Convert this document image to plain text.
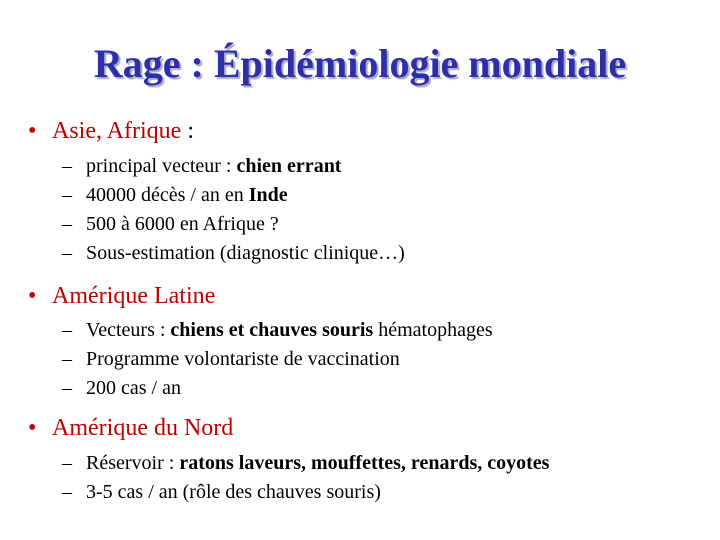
Rage : Épidémiologie mondiale
• Asie, Afrique :
– principal vecteur : chien errant
– 40000 décès / an en Inde
– 500 à 6000 en Afrique ?
– Sous-estimation (diagnostic clinique…)
• Amérique Latine
– Vecteurs : chiens et chauves souris hématophages
– Programme volontariste de vaccination
– 200 cas / an
• Amérique du Nord
– Réservoir : ratons laveurs, mouffettes, renards, coyotes
– 3-5 cas / an (rôle des chauves souris)
